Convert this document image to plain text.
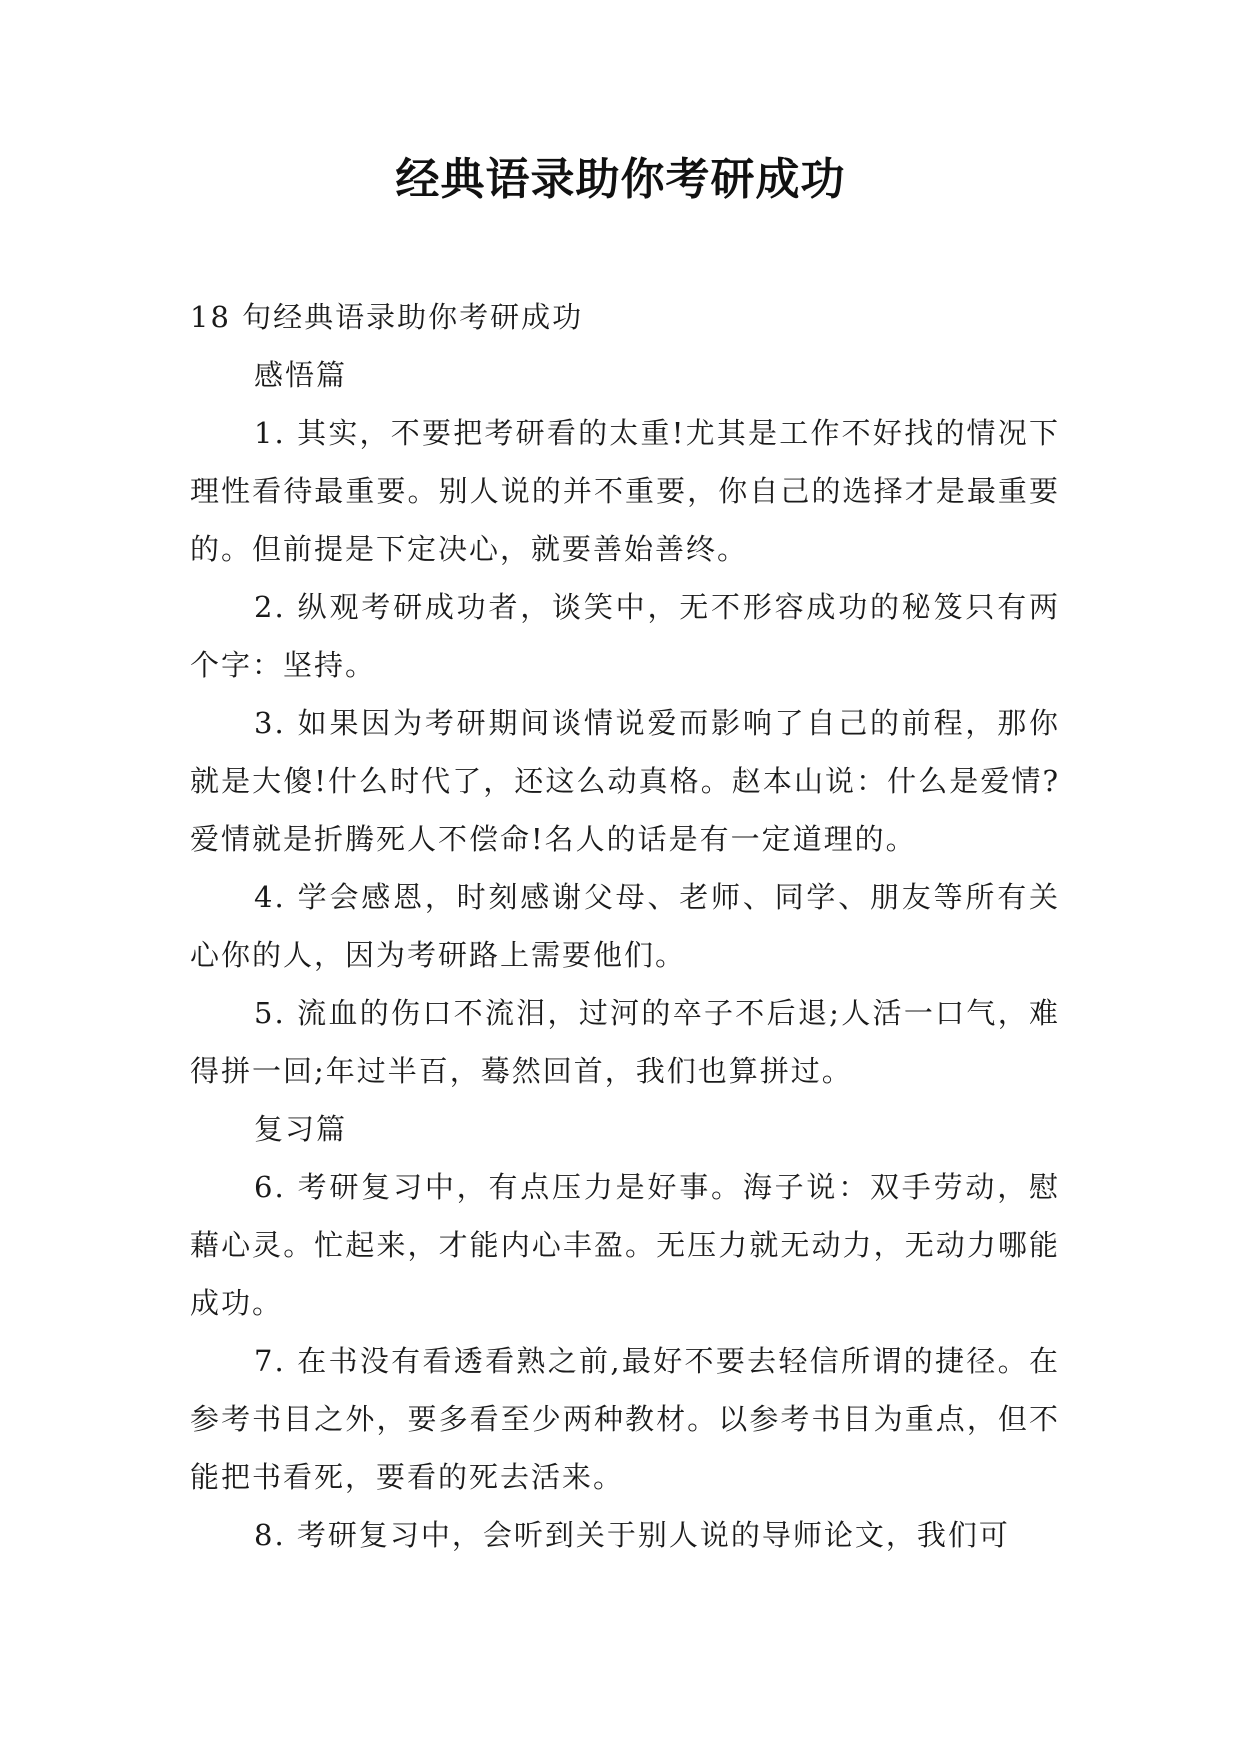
经典语录助你考研成功

18 句经典语录助你考研成功

感悟篇

1. 其实，不要把考研看的太重!尤其是工作不好找的情况下理性看待最重要。别人说的并不重要，你自己的选择才是最重要的。但前提是下定决心，就要善始善终。

2. 纵观考研成功者，谈笑中，无不形容成功的秘笈只有两个字：坚持。

3. 如果因为考研期间谈情说爱而影响了自己的前程，那你就是大傻!什么时代了，还这么动真格。赵本山说：什么是爱情?爱情就是折腾死人不偿命!名人的话是有一定道理的。

4. 学会感恩，时刻感谢父母、老师、同学、朋友等所有关心你的人，因为考研路上需要他们。

5. 流血的伤口不流泪，过河的卒子不后退;人活一口气，难得拼一回;年过半百，蓦然回首，我们也算拼过。

复习篇

6. 考研复习中，有点压力是好事。海子说：双手劳动，慰藉心灵。忙起来，才能内心丰盈。无压力就无动力，无动力哪能成功。

7. 在书没有看透看熟之前,最好不要去轻信所谓的捷径。在参考书目之外，要多看至少两种教材。以参考书目为重点，但不能把书看死，要看的死去活来。

8. 考研复习中，会听到关于别人说的导师论文，我们可
